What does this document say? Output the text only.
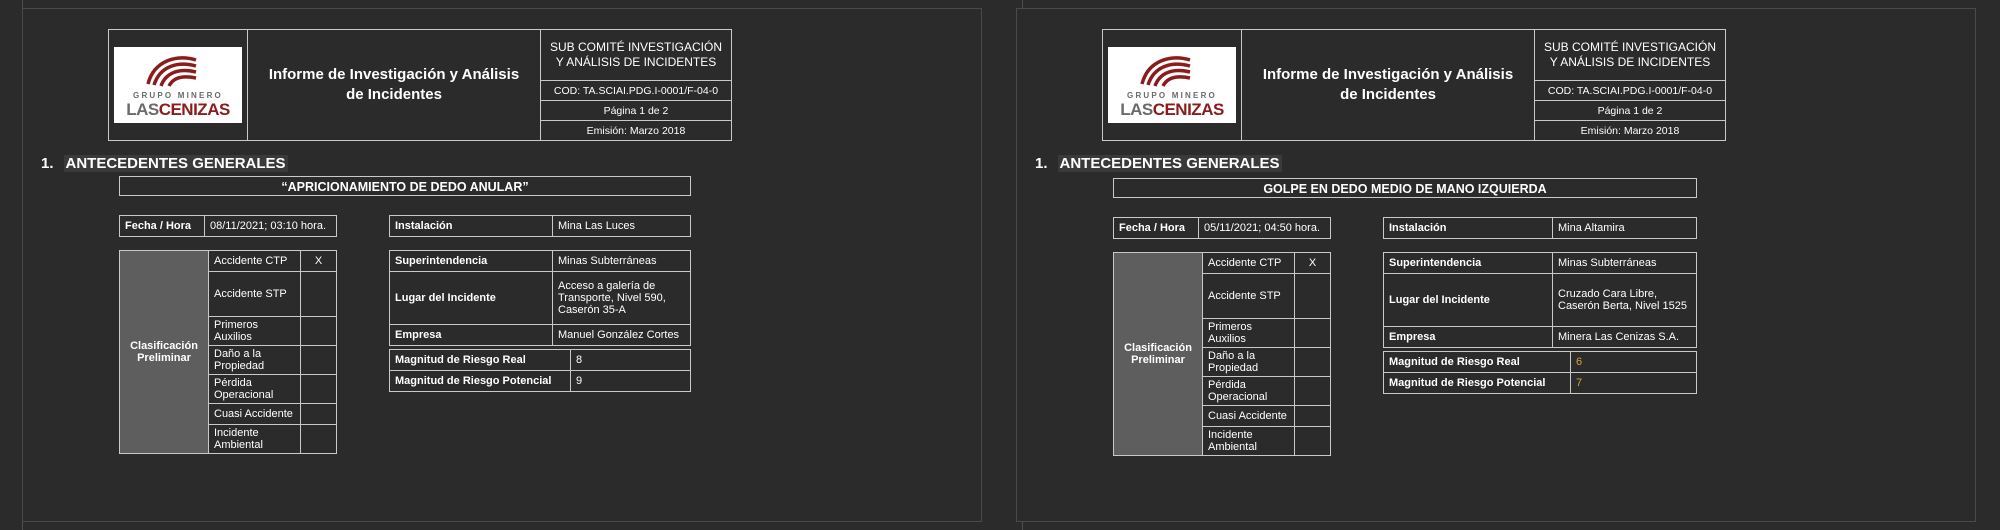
GRUPO MINERO
LASCENIZAS
	Informe de Investigación y Análisis de Incidentes	SUB COMITÉ INVESTIGACIÓN Y ANÁLISIS DE INCIDENTES
COD: TA.SCIAI.PDG.I-0001/F-04-0

Página 1 de 2
Emisión: Marzo 2018
1. ANTECEDENTES GENERALES
“APRICIONAMIENTO DE DEDO ANULAR”
Fecha / Hora	08/11/2021; 03:10 hora.	Instalación	Mina Las Luces
Clasificación Preliminar	Accidente CTP	X
	Accidente STP	
	Primeros Auxilios	
	Daño a la Propiedad	
	Pérdida Operacional	
	Cuasi Accidente	
	Incidente Ambiental	
Superintendencia	Minas Subterráneas
Lugar del Incidente	Acceso a galería de Transporte, Nivel 590, Caserón 35-A
Empresa	Manuel González Cortes
Magnitud de Riesgo Real	8
Magnitud de Riesgo Potencial	9
GRUPO MINERO
LASCENIZAS
	Informe de Investigación y Análisis de Incidentes	SUB COMITÉ INVESTIGACIÓN Y ANÁLISIS DE INCIDENTES
COD: TA.SCIAI.PDG.I-0001/F-04-0

Página 1 de 2
Emisión: Marzo 2018
1. ANTECEDENTES GENERALES
GOLPE EN DEDO MEDIO DE MANO IZQUIERDA
Fecha / Hora	05/11/2021; 04:50 hora.	Instalación	Mina Altamira
Clasificación Preliminar	Accidente CTP	X
	Accidente STP	
	Primeros Auxilios	
	Daño a la Propiedad	
	Pérdida Operacional	
	Cuasi Accidente	
	Incidente Ambiental	
Superintendencia	Minas Subterráneas
Lugar del Incidente	Cruzado Cara Libre, Caserón Berta, Nivel 1525
Empresa	Minera Las Cenizas S.A.
Magnitud de Riesgo Real	6
Magnitud de Riesgo Potencial	7
